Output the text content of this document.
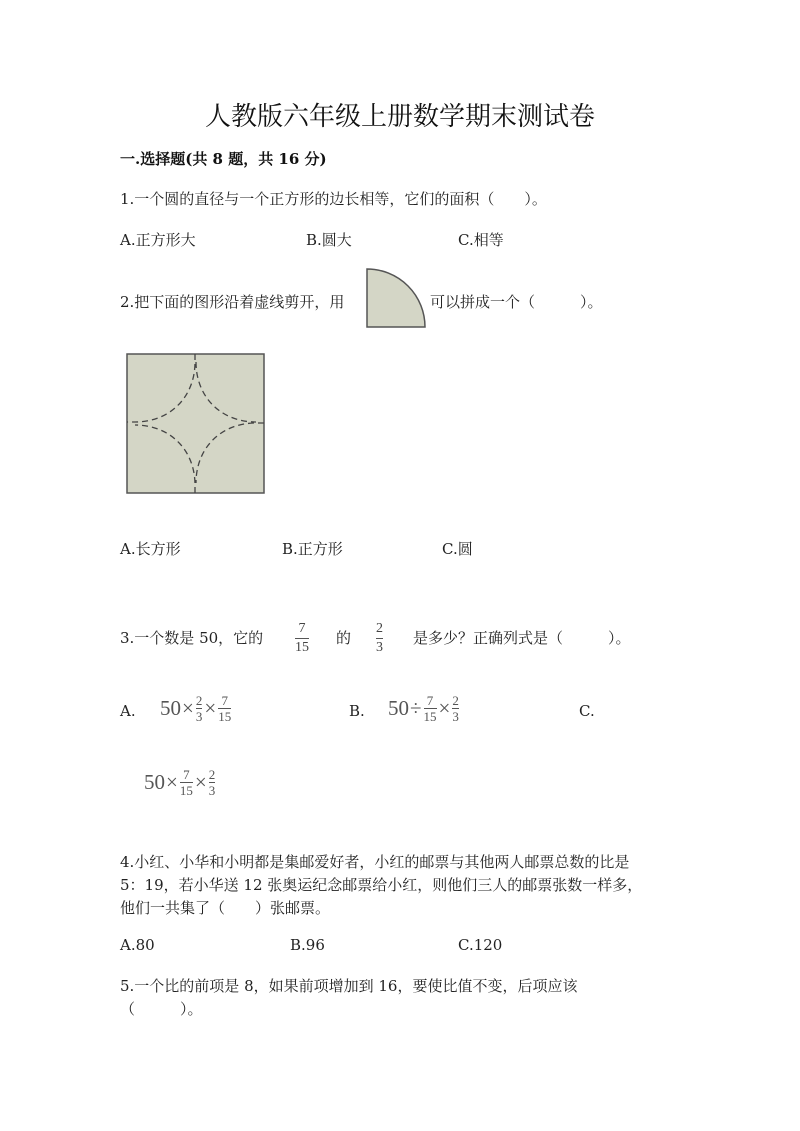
人教版六年级上册数学期末测试卷
一.选择题(共 8 题，共 16 分)
1.一个圆的直径与一个正方形的边长相等，它们的面积（　　）。
A.正方形大	B.圆大	C.相等
2.把下面的图形沿着虚线剪开，用	可以拼成一个（　　　）。
A.长方形	B.正方形	C.圆
3.一个数是 50，它的
7
15
的
2
3
是多少？正确列式是（　　　）。
A. 50 × 2
3 × 7
15	B. 50 ÷ 7
15 × 2
3	C.
50 × 7
15 × 2
3
4.小红、小华和小明都是集邮爱好者，小红的邮票与其他两人邮票总数的比是
5：19，若小华送 12 张奥运纪念邮票给小红，则他们三人的邮票张数一样多，
他们一共集了（　　）张邮票。
A.80	B.96	C.120
5.一个比的前项是 8，如果前项增加到 16，要使比值不变，后项应该
（　　　）。
